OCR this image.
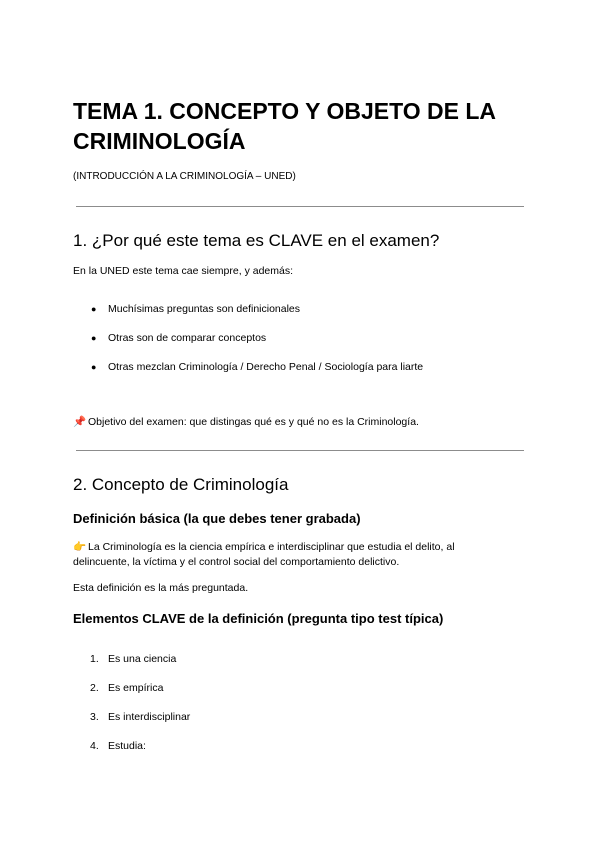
TEMA 1. CONCEPTO Y OBJETO DE LA
CRIMINOLOGÍA
(INTRODUCCIÓN A LA CRIMINOLOGÍA – UNED)
1. ¿Por qué este tema es CLAVE en el examen?
En la UNED este tema cae siempre, y además:
● Muchísimas preguntas son definicionales
● Otras son de comparar conceptos
● Otras mezclan Criminología / Derecho Penal / Sociología para liarte
📌 Objetivo del examen: que distingas qué es y qué no es la Criminología.
2. Concepto de Criminología
Definición básica (la que debes tener grabada)
👉 La Criminología es la ciencia empírica e interdisciplinar que estudia el delito, al
delincuente, la víctima y el control social del comportamiento delictivo.
Esta definición es la más preguntada.
Elementos CLAVE de la definición (pregunta tipo test típica)
1. Es una ciencia
2. Es empírica
3. Es interdisciplinar
4. Estudia:
